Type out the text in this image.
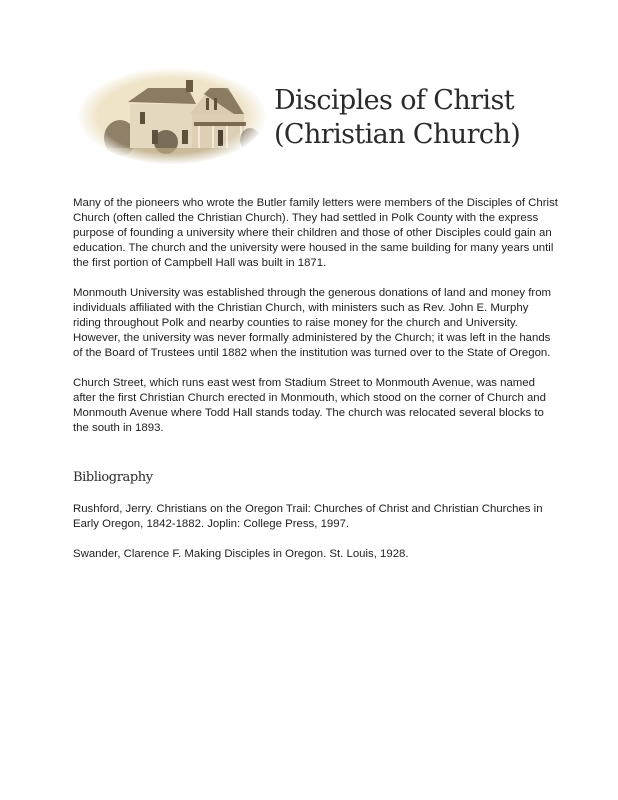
Disciples of Christ
(Christian Church)

Many of the pioneers who wrote the Butler family letters were members of the Disciples of Christ Church (often called the Christian Church). They had settled in Polk County with the express purpose of founding a university where their children and those of other Disciples could gain an education. The church and the university were housed in the same building for many years until the first portion of Campbell Hall was built in 1871.

Monmouth University was established through the generous donations of land and money from individuals affiliated with the Christian Church, with ministers such as Rev. John E. Murphy riding throughout Polk and nearby counties to raise money for the church and University. However, the university was never formally administered by the Church; it was left in the hands of the Board of Trustees until 1882 when the institution was turned over to the State of Oregon.

Church Street, which runs east west from Stadium Street to Monmouth Avenue, was named after the first Christian Church erected in Monmouth, which stood on the corner of Church and Monmouth Avenue where Todd Hall stands today. The church was relocated several blocks to the south in 1893.

Bibliography

Rushford, Jerry. Christians on the Oregon Trail: Churches of Christ and Christian Churches in Early Oregon, 1842-1882. Joplin: College Press, 1997.

Swander, Clarence F. Making Disciples in Oregon. St. Louis, 1928.
